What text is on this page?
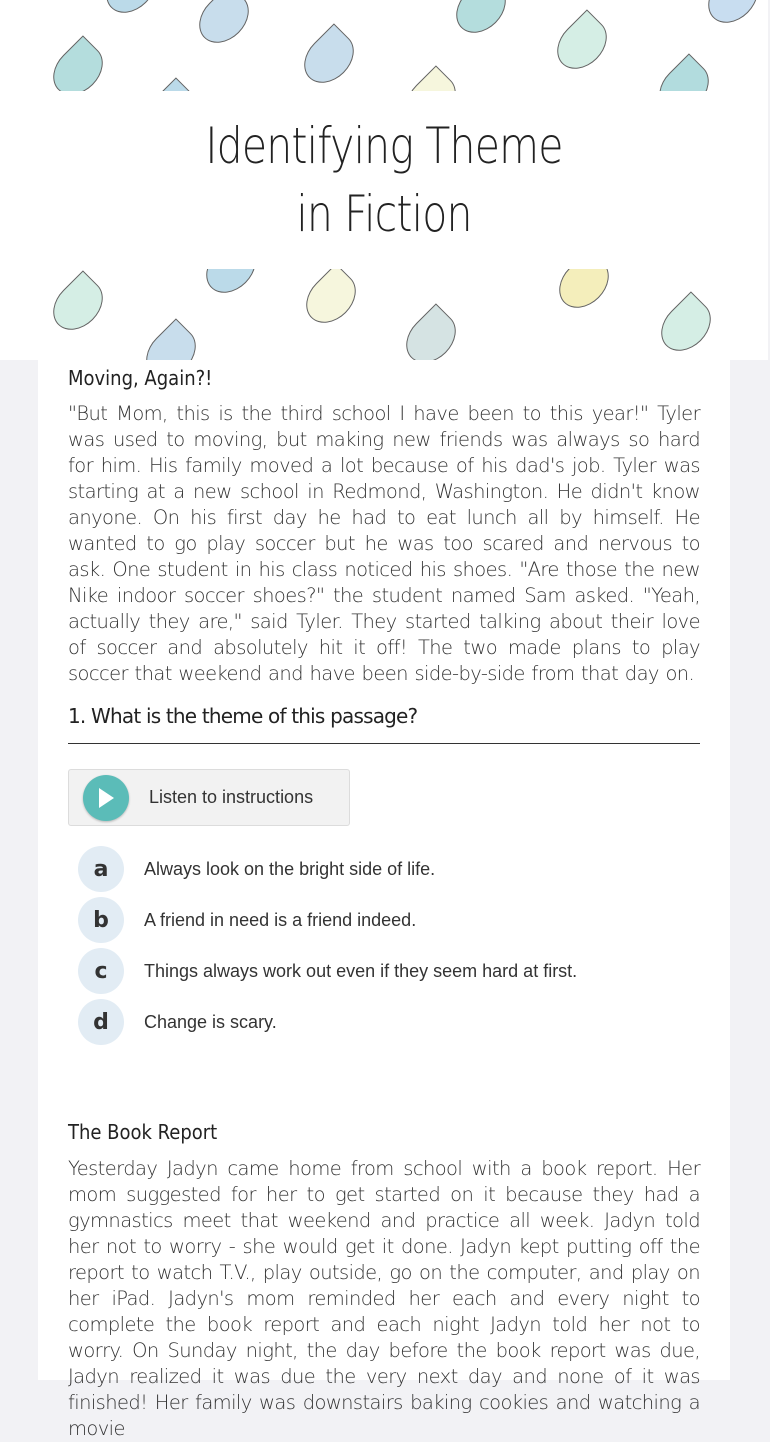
Identifying Theme in Fiction
Moving, Again?!
"But Mom, this is the third school I have been to this year!" Tyler was used to moving, but making new friends was always so hard for him. His family moved a lot because of his dad's job. Tyler was starting at a new school in Redmond, Washington. He didn't know anyone. On his first day he had to eat lunch all by himself. He wanted to go play soccer but he was too scared and nervous to ask. One student in his class noticed his shoes. "Are those the new Nike indoor soccer shoes?" the student named Sam asked. "Yeah, actually they are," said Tyler. They started talking about their love of soccer and absolutely hit it off! The two made plans to play soccer that weekend and have been side-by-side from that day on.
1. What is the theme of this passage?
Listen to instructions
a	Always look on the bright side of life.
b	A friend in need is a friend indeed.
c	Things always work out even if they seem hard at first.
d	Change is scary.
The Book Report
Yesterday Jadyn came home from school with a book report. Her mom suggested for her to get started on it because they had a gymnastics meet that weekend and practice all week. Jadyn told her not to worry - she would get it done. Jadyn kept putting off the report to watch T.V., play outside, go on the computer, and play on her iPad. Jadyn's mom reminded her each and every night to complete the book report and each night Jadyn told her not to worry. On Sunday night, the day before the book report was due, Jadyn realized it was due the very next day and none of it was finished! Her family was downstairs baking cookies and watching a movie
